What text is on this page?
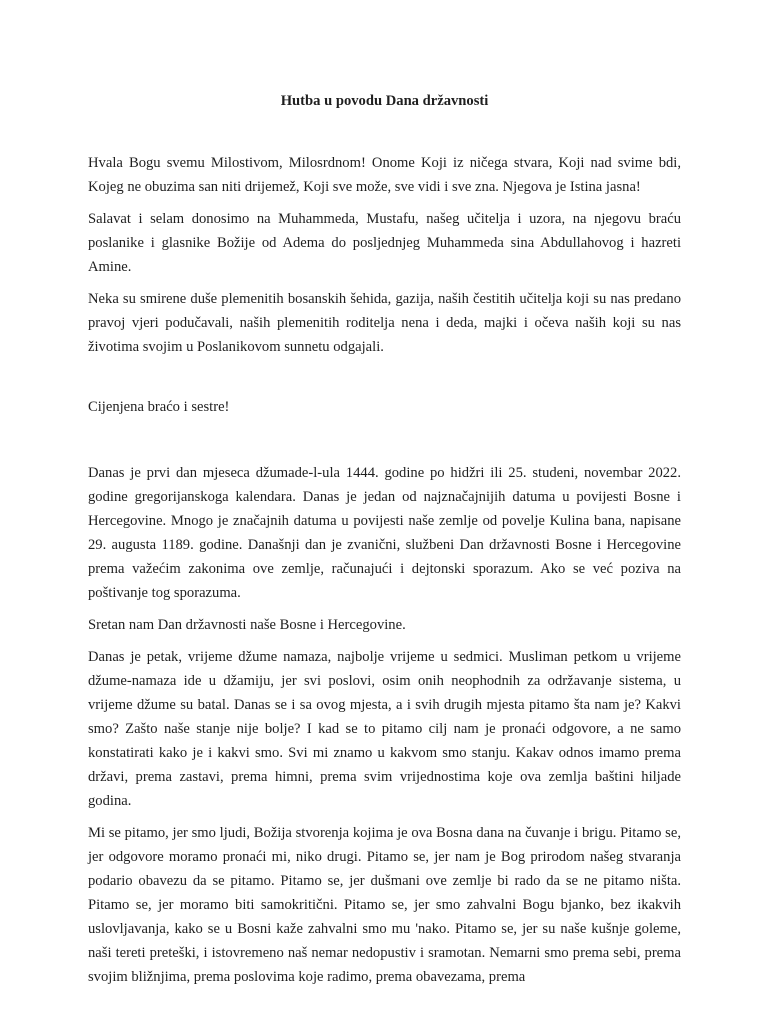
Hutba u povodu Dana državnosti

Hvala Bogu svemu Milostivom, Milosrdnom! Onome Koji iz ničega stvara, Koji nad svime bdi, Kojeg ne obuzima san niti drijemež, Koji sve može, sve vidi i sve zna. Njegova je Istina jasna!

Salavat i selam donosimo na Muhammeda, Mustafu, našeg učitelja i uzora, na njegovu braću poslanike i glasnike Božije od Adema do posljednjeg Muhammeda sina Abdullahovog i hazreti Amine.

Neka su smirene duše plemenitih bosanskih šehida, gazija, naših čestitih učitelja koji su nas predano pravoj vjeri podučavali, naših plemenitih roditelja nena i deda, majki i očeva naših koji su nas životima svojim u Poslanikovom sunnetu odgajali.

Cijenjena braćo i sestre!

Danas je prvi dan mjeseca džumade-l-ula 1444. godine po hidžri ili 25. studeni, novembar 2022. godine gregorijanskoga kalendara. Danas je jedan od najznačajnijih datuma u povijesti Bosne i Hercegovine. Mnogo je značajnih datuma u povijesti naše zemlje od povelje Kulina bana, napisane 29. augusta 1189. godine. Današnji dan je zvanični, službeni Dan državnosti Bosne i Hercegovine prema važećim zakonima ove zemlje, računajući i dejtonski sporazum. Ako se već poziva na poštivanje tog sporazuma.

Sretan nam Dan državnosti naše Bosne i Hercegovine.

Danas je petak, vrijeme džume namaza, najbolje vrijeme u sedmici. Musliman petkom u vrijeme džume-namaza ide u džamiju, jer svi poslovi, osim onih neophodnih za održavanje sistema, u vrijeme džume su batal. Danas se i sa ovog mjesta, a i svih drugih mjesta pitamo šta nam je? Kakvi smo? Zašto naše stanje nije bolje? I kad se to pitamo cilj nam je pronaći odgovore, a ne samo konstatirati kako je i kakvi smo. Svi mi znamo u kakvom smo stanju. Kakav odnos imamo prema državi, prema zastavi, prema himni, prema svim vrijednostima koje ova zemlja baštini hiljade godina.

Mi se pitamo, jer smo ljudi, Božija stvorenja kojima je ova Bosna dana na čuvanje i brigu. Pitamo se, jer odgovore moramo pronaći mi, niko drugi. Pitamo se, jer nam je Bog prirodom našeg stvaranja podario obavezu da se pitamo. Pitamo se, jer dušmani ove zemlje bi rado da se ne pitamo ništa. Pitamo se, jer moramo biti samokritični. Pitamo se, jer smo zahvalni Bogu bjanko, bez ikakvih uslovljavanja, kako se u Bosni kaže zahvalni smo mu 'nako. Pitamo se, jer su naše kušnje goleme, naši tereti preteški, i istovremeno naš nemar nedopustiv i sramotan. Nemarni smo prema sebi, prema svojim bližnjima, prema poslovima koje radimo, prema obavezama, prema
